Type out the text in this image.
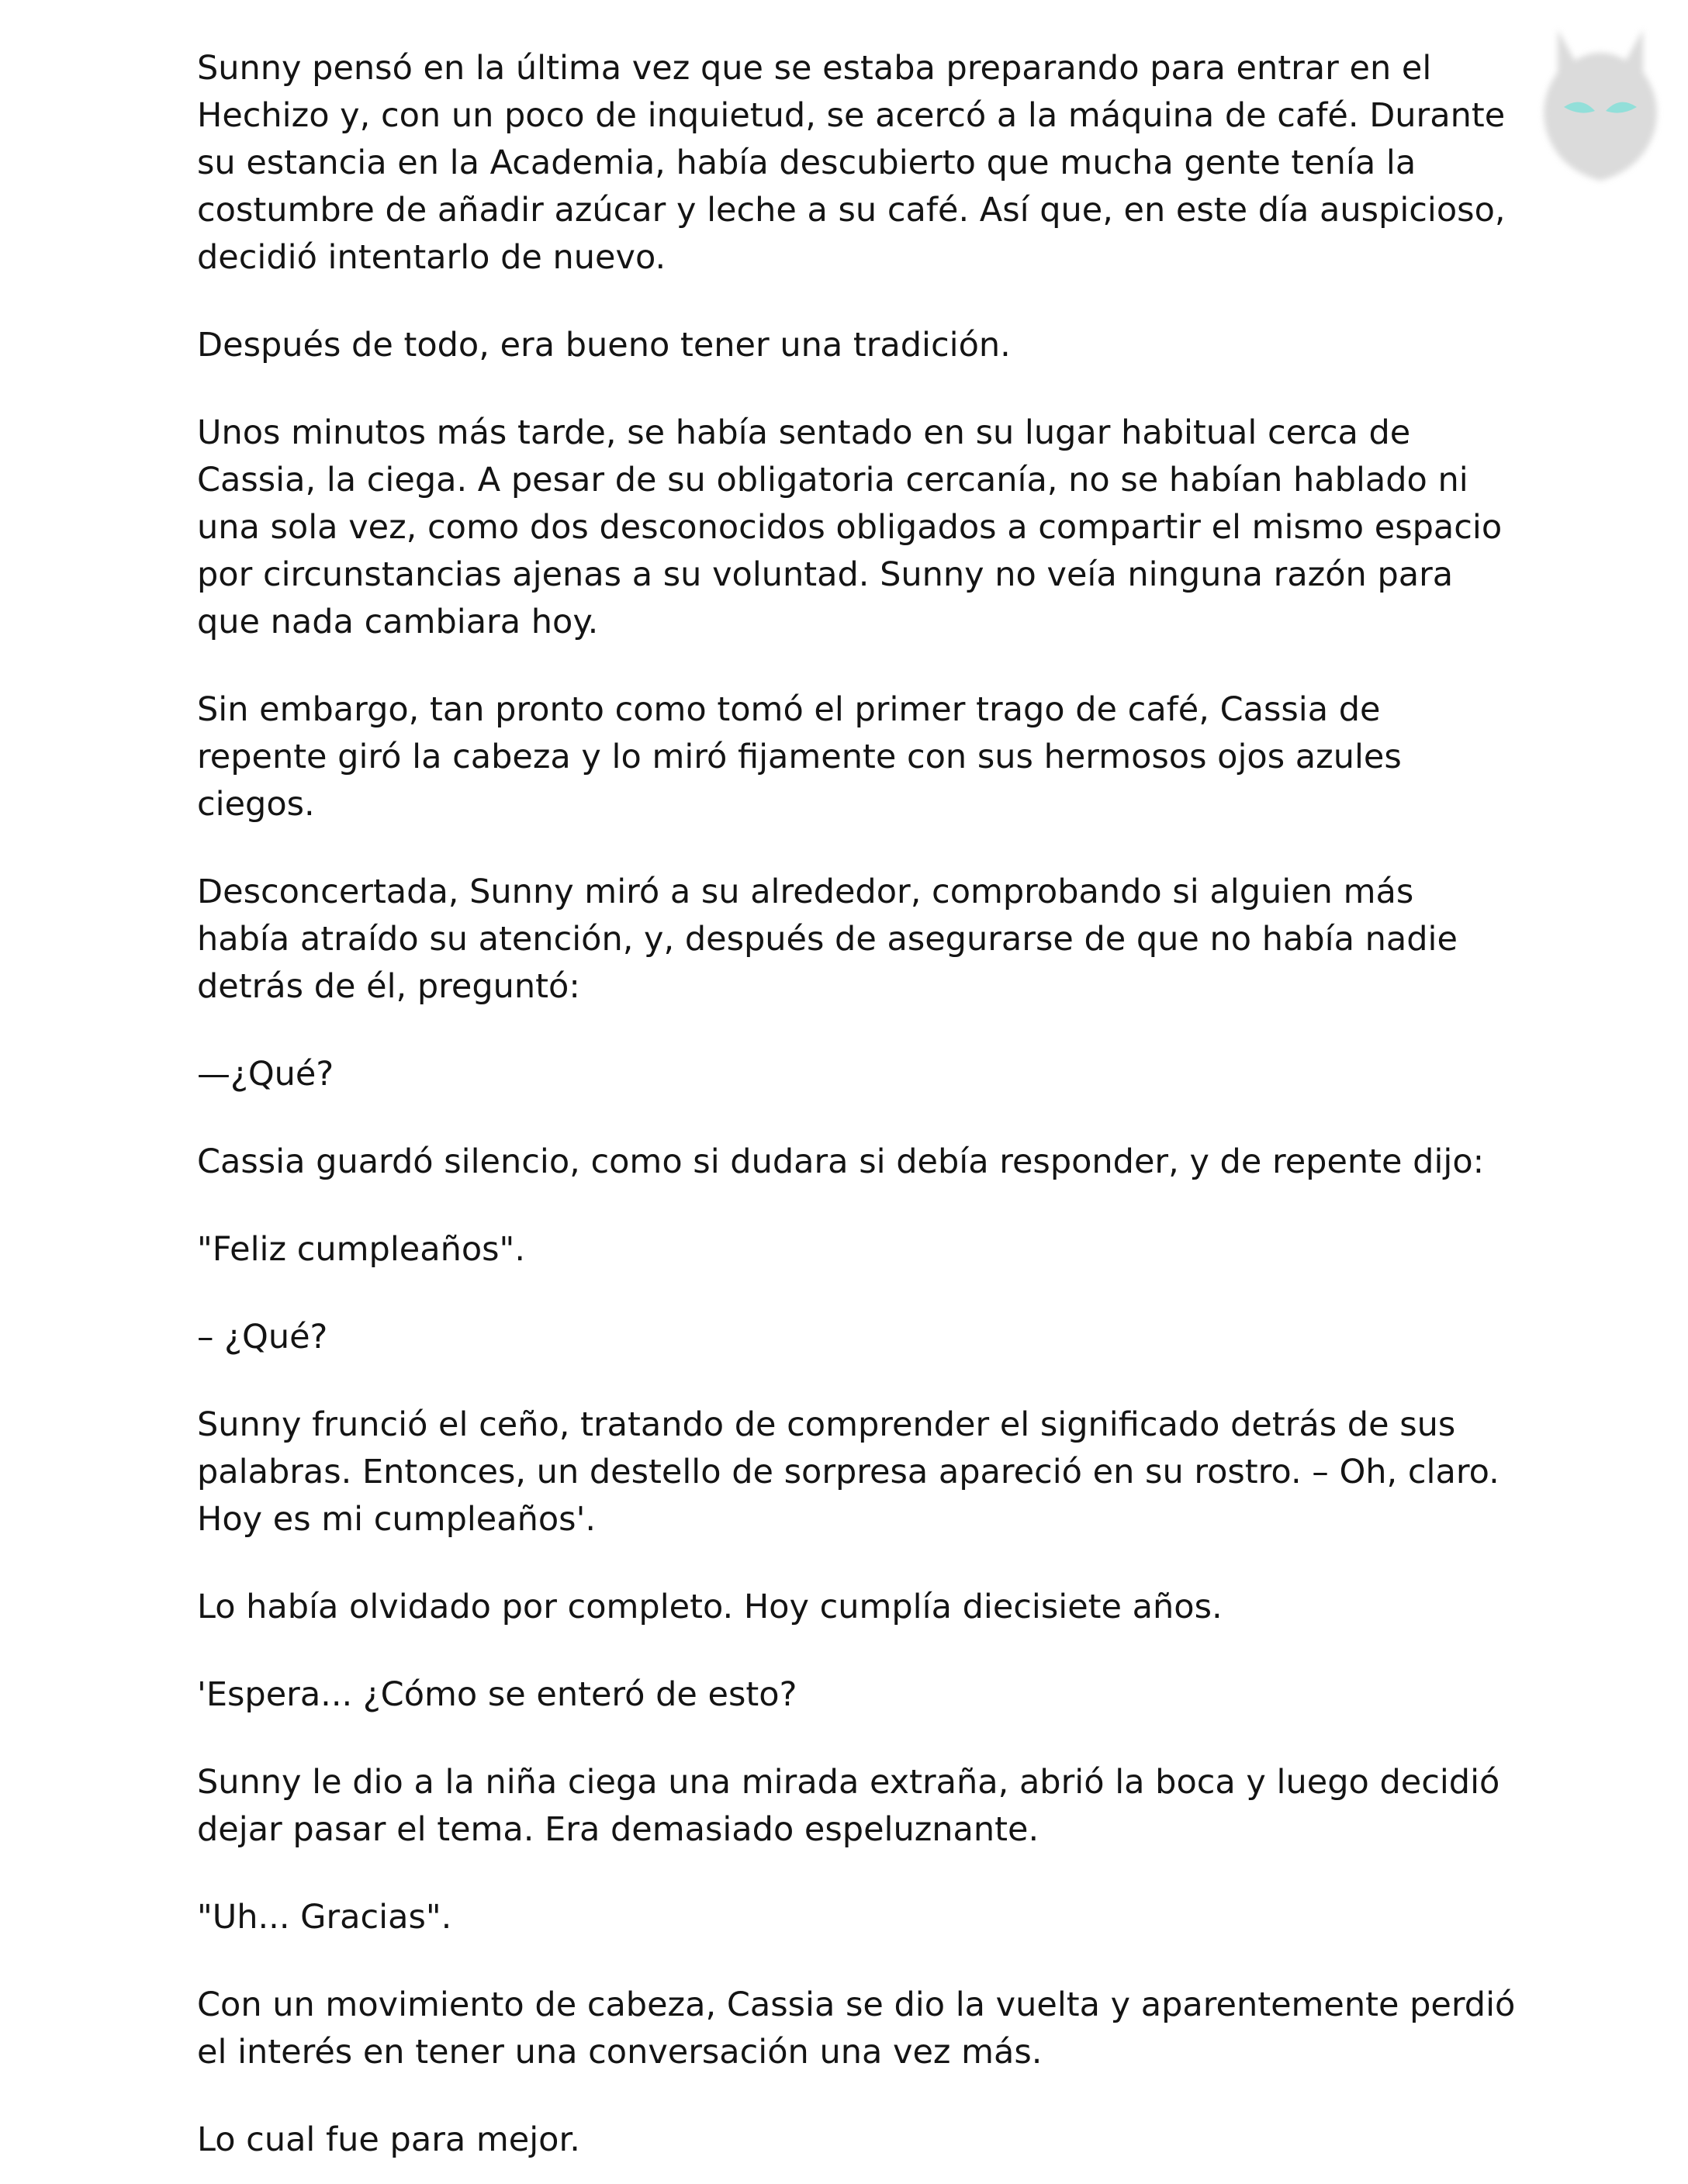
Sunny pensó en la última vez que se estaba preparando para entrar en el Hechizo y, con un poco de inquietud, se acercó a la máquina de café. Durante su estancia en la Academia, había descubierto que mucha gente tenía la costumbre de añadir azúcar y leche a su café. Así que, en este día auspicioso, decidió intentarlo de nuevo.

Después de todo, era bueno tener una tradición.

Unos minutos más tarde, se había sentado en su lugar habitual cerca de Cassia, la ciega. A pesar de su obligatoria cercanía, no se habían hablado ni una sola vez, como dos desconocidos obligados a compartir el mismo espacio por circunstancias ajenas a su voluntad. Sunny no veía ninguna razón para que nada cambiara hoy.

Sin embargo, tan pronto como tomó el primer trago de café, Cassia de repente giró la cabeza y lo miró fijamente con sus hermosos ojos azules ciegos.

Desconcertada, Sunny miró a su alrededor, comprobando si alguien más había atraído su atención, y, después de asegurarse de que no había nadie detrás de él, preguntó:

—¿Qué?

Cassia guardó silencio, como si dudara si debía responder, y de repente dijo:

"Feliz cumpleaños".

– ¿Qué?

Sunny frunció el ceño, tratando de comprender el significado detrás de sus palabras. Entonces, un destello de sorpresa apareció en su rostro. – Oh, claro. Hoy es mi cumpleaños'.

Lo había olvidado por completo. Hoy cumplía diecisiete años.

'Espera... ¿Cómo se enteró de esto?

Sunny le dio a la niña ciega una mirada extraña, abrió la boca y luego decidió dejar pasar el tema. Era demasiado espeluznante.

"Uh... Gracias".

Con un movimiento de cabeza, Cassia se dio la vuelta y aparentemente perdió el interés en tener una conversación una vez más.

Lo cual fue para mejor.
